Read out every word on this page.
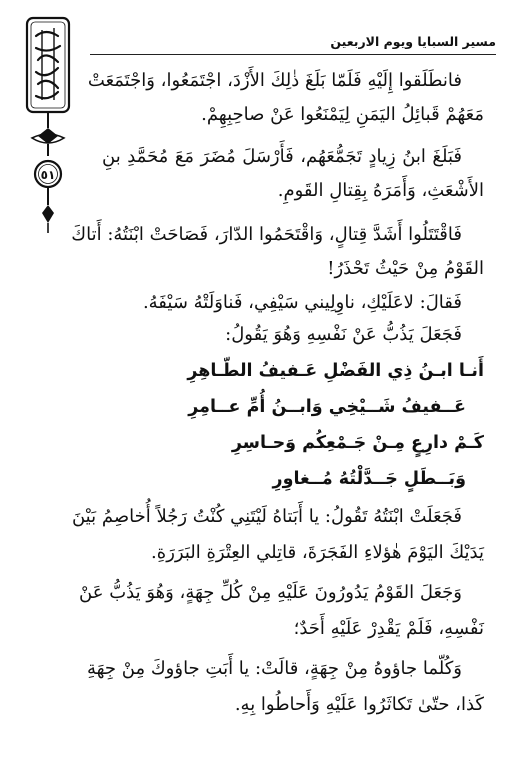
٥١
مسير السبايا ويوم الاربعين
فانطَلَقوا إِلَيْهِ فَلَمّا بَلَغَ ذٰلِكَ الأَزْدَ، اجْتَمَعُوا، وَاجْتَمَعَتْ
مَعَهُمْ قَبائِلُ اليَمَنِ لِيَمْنَعُوا عَنْ صاحِبِهِمْ.
فَبَلَغَ ابنُ زِيادٍ تَجَمُّعَهُم، فَأَرْسَلَ مُضَرَ مَعَ مُحَمَّدِ بنِ
الأَشْعَثِ، وَأَمَرَهُ بِقِتالِ القَومِ.
فَاقْتَتَلُوا أَشَدَّ قِتالٍ، وَاقْتَحَمُوا الدّارَ، فَصَاحَتْ ابْنَتُهُ: أَتاكَ
القَوْمُ مِنْ حَيْثُ تَحْذَرُ!
فَقالَ: لاعَلَيْكِ، ناوِلِيني سَيْفِي، فَناوَلَتْهُ سَيْفَهُ.
فَجَعَلَ يَذُبُّ عَنْ نَفْسِهِ وَهُوَ يَقُولُ:
أَنـا ابـنُ ذِي الفَضْلِ عَـفيفُ الطّـاهِرِ
عَــفيفُ شَــيْخِي وَابــنُ أُمِّ عــامِرِ
كَـمْ دارِعٍ مِـنْ جَـمْعِكُم وَحـاسِرِ
وَبَــطَلٍ جَــدَّلْتُهُ مُــغاوِرِ
فَجَعَلَتْ ابْنَتُهُ تَقُولُ: يا أَبَتاهُ لَيْتَنِي كُنْتُ رَجُلاً أُخاصِمُ بَيْنَ
يَدَيْكَ اليَوْمَ هٰؤلاءِ الفَجَرَةَ، قاتِلي العِتْرَةِ البَرَرَةِ.
وَجَعَلَ القَوْمُ يَدُورُونَ عَلَيْهِ مِنْ كُلِّ جِهَةٍ، وَهُوَ يَذُبُّ عَنْ
نَفْسِهِ، فَلَمْ يَقْدِرْ عَلَيْهِ أَحَدٌ؛
وَكُلّما جاؤوهُ مِنْ جِهَةٍ، قالَتْ: يا أَبَتِ جاؤوكَ مِنْ جِهَةِ
كَذا، حتّىٰ تَكاثَرُوا عَلَيْهِ وَأَحاطُوا بِهِ.
